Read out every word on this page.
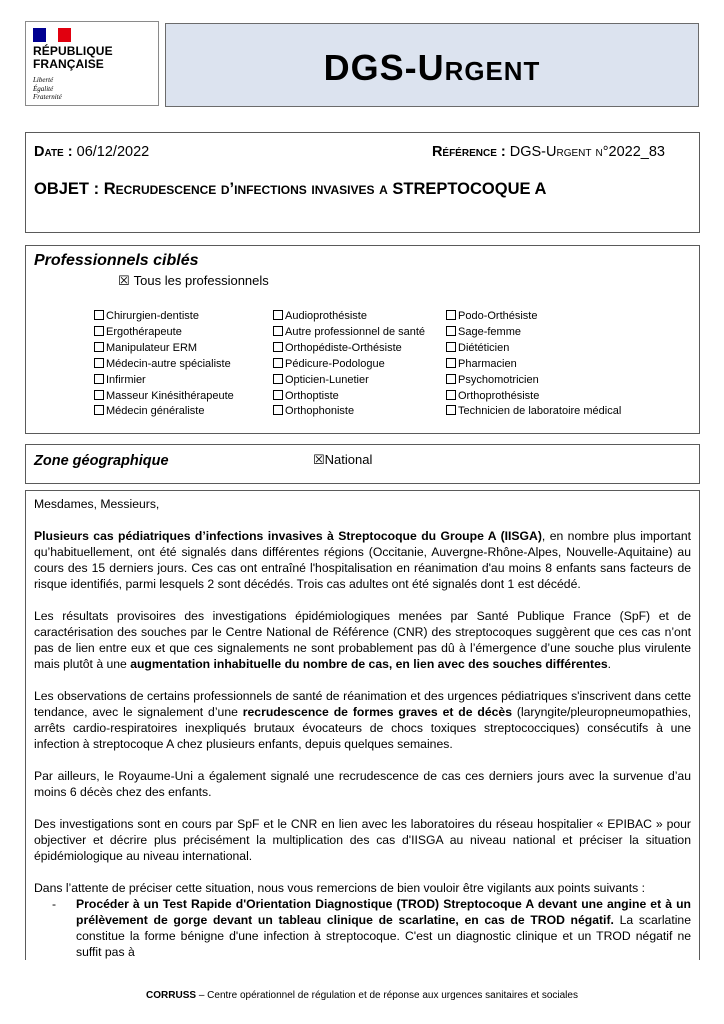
RÉPUBLIQUE
FRANÇAISE
Liberté
Égalité
Fraternité
DGS-URGENT
Date : 06/12/2022	Référence : DGS-Urgent n°2022_83
OBJET : Recrudescence d’infections invasives a STREPTOCOQUE A
Professionnels ciblés
☒ Tous les professionnels
Chirurgien-dentiste
Ergothérapeute
Manipulateur ERM
Médecin-autre spécialiste
Infirmier
Masseur Kinésithérapeute
Médecin généraliste
Audioprothésiste
Autre professionnel de santé
Orthopédiste-Orthésiste
Pédicure-Podologue
Opticien-Lunetier
Orthoptiste
Orthophoniste
Podo-Orthésiste
Sage-femme
Diététicien
Pharmacien
Psychomotricien
Orthoprothésiste
Technicien de laboratoire médical
Zone géographique	☒National

Mesdames, Messieurs,

Plusieurs cas pédiatriques d’infections invasives à Streptocoque du Groupe A (IISGA), en nombre plus important qu’habituellement, ont été signalés dans différentes régions (Occitanie, Auvergne-Rhône-Alpes, Nouvelle-Aquitaine) au cours des 15 derniers jours. Ces cas ont entraîné l'hospitalisation en réanimation d'au moins 8 enfants sans facteurs de risque identifiés, parmi lesquels 2 sont décédés. Trois cas adultes ont été signalés dont 1 est décédé.

Les résultats provisoires des investigations épidémiologiques menées par Santé Publique France (SpF) et de caractérisation des souches par le Centre National de Référence (CNR) des streptocoques suggèrent que ces cas n’ont pas de lien entre eux et que ces signalements ne sont probablement pas dû à l’émergence d’une souche plus virulente mais plutôt à une augmentation inhabituelle du nombre de cas, en lien avec des souches différentes.

Les observations de certains professionnels de santé de réanimation et des urgences pédiatriques s'inscrivent dans cette tendance, avec le signalement d’une recrudescence de formes graves et de décès (laryngite/pleuropneumopathies, arrêts cardio-respiratoires inexpliqués brutaux évocateurs de chocs toxiques streptococciques) consécutifs à une infection à streptocoque A chez plusieurs enfants, depuis quelques semaines.

Par ailleurs, le Royaume-Uni a également signalé une recrudescence de cas ces derniers jours avec la survenue d’au moins 6 décès chez des enfants.

Des investigations sont en cours par SpF et le CNR en lien avec les laboratoires du réseau hospitalier « EPIBAC » pour objectiver et décrire plus précisément la multiplication des cas d'IISGA au niveau national et préciser la situation épidémiologique au niveau international.

Dans l’attente de préciser cette situation, nous vous remercions de bien vouloir être vigilants aux points suivants :

- Procéder à un Test Rapide d'Orientation Diagnostique (TROD) Streptocoque A devant une angine et à un prélèvement de gorge devant un tableau clinique de scarlatine, en cas de TROD négatif. La scarlatine constitue la forme bénigne d'une infection à streptocoque. C'est un diagnostic clinique et un TROD négatif ne suffit pas à
CORRUSS – Centre opérationnel de régulation et de réponse aux urgences sanitaires et sociales
